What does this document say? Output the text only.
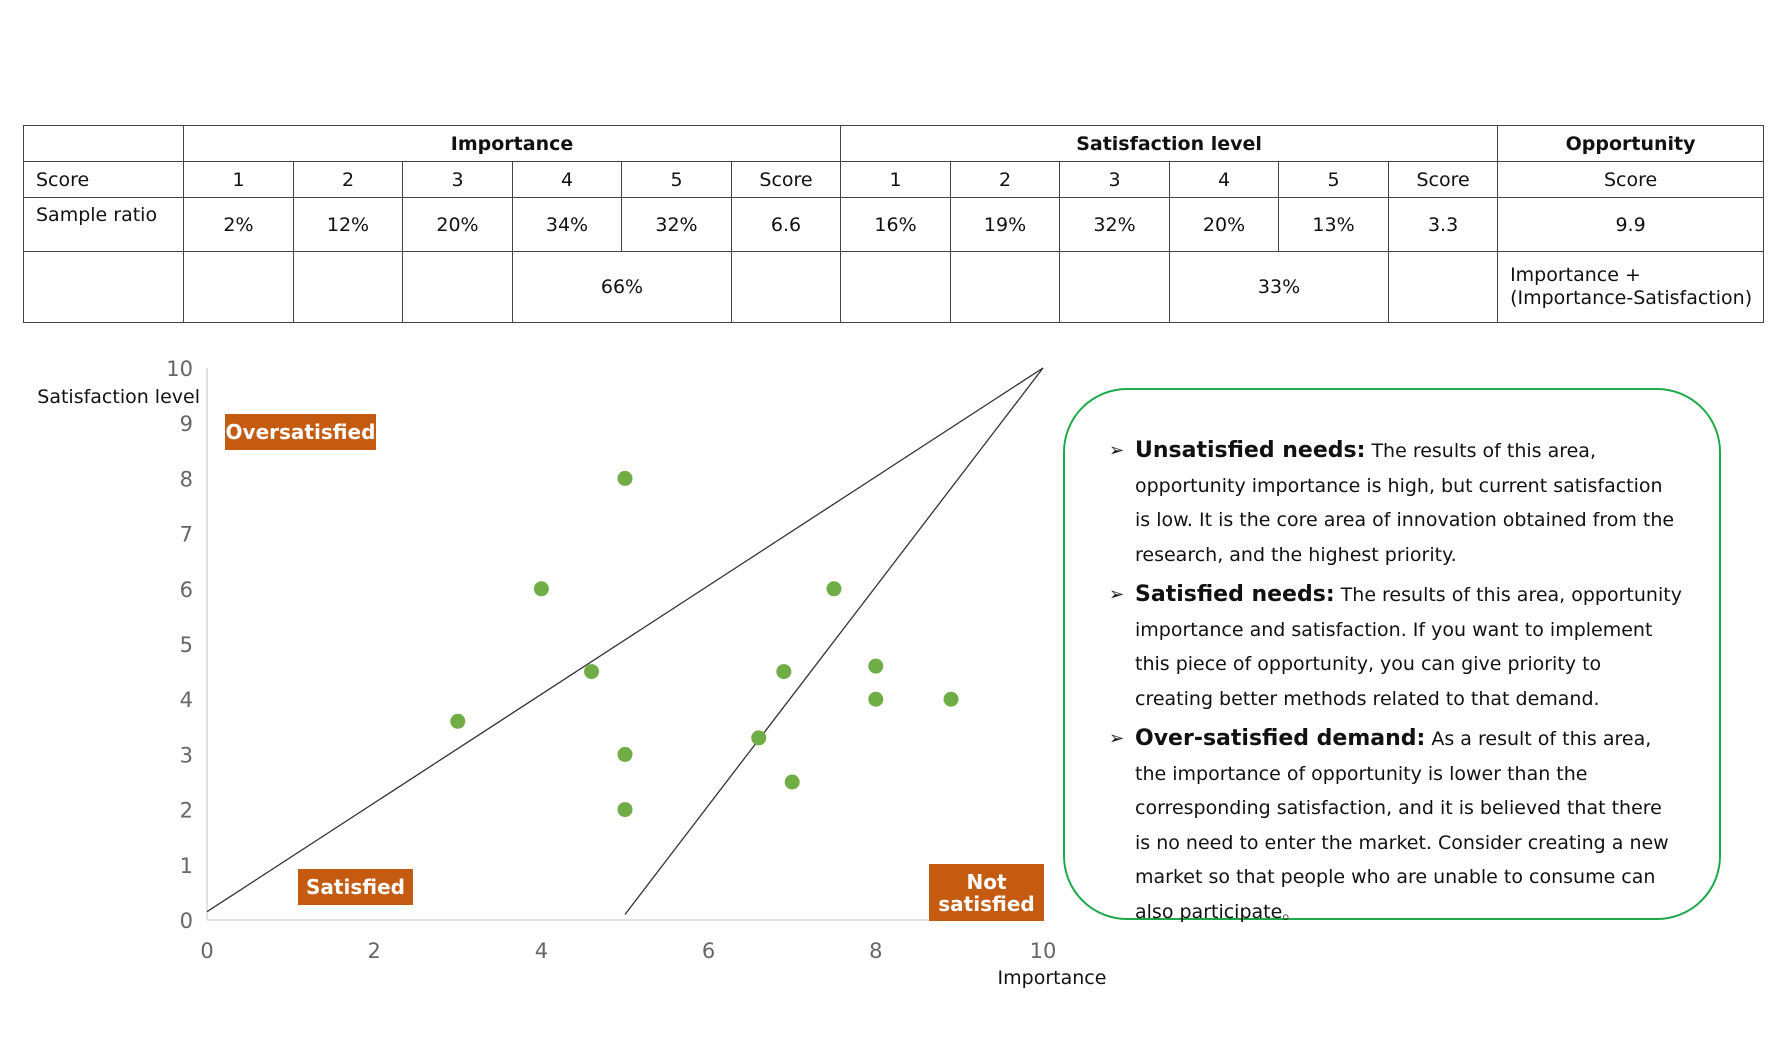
	Importance						Satisfaction level						Opportunity
Score	1	2	3	4	5	Score	1	2	3	4	5	Score	Score
Sample ratio	2%	12%	20%	34%	32%	6.6	16%	19%	32%	20%	13%	3.3	9.9
				66%						33%			Importance +
(Importance-Satisfaction)
0
1
2
3
4
5
6
7
8
9
10
0	2	4	6	8	10
Satisfaction level
Importance
Oversatisfied
Satisfied	Not
satisfied
➢ Unsatisfied needs: The results of this area, opportunity importance is high, but current satisfaction is low. It is the core area of innovation obtained from the research, and the highest priority.
➢ Satisfied needs: The results of this area, opportunity importance and satisfaction. If you want to implement this piece of opportunity, you can give priority to creating better methods related to that demand.
➢ Over-satisfied demand: As a result of this area, the importance of opportunity is lower than the corresponding satisfaction, and it is believed that there is no need to enter the market. Consider creating a new market so that people who are unable to consume can also participate。
